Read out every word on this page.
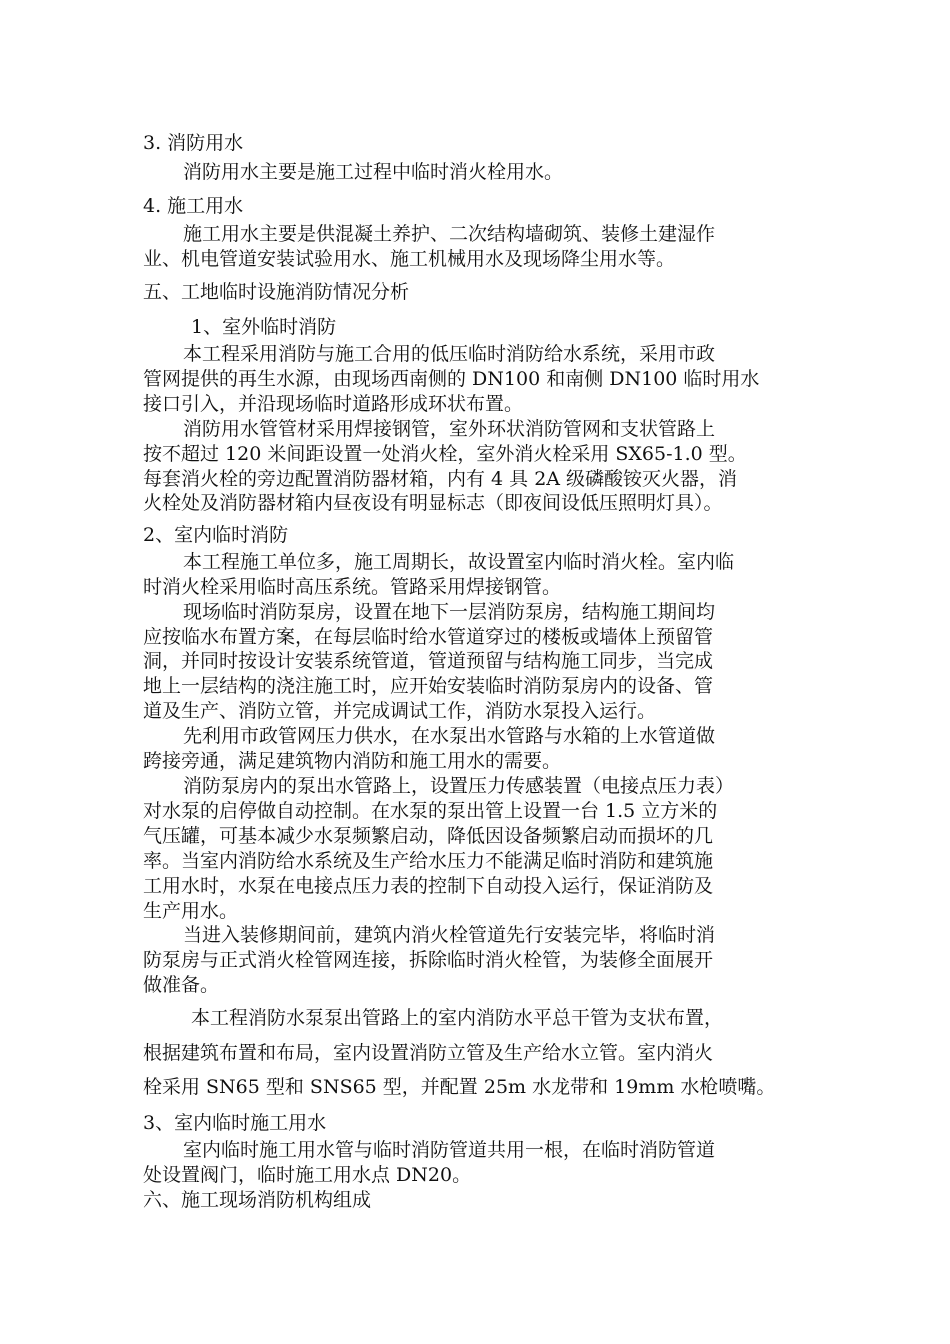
3. 消防用水
消防用水主要是施工过程中临时消火栓用水。
4. 施工用水
施工用水主要是供混凝土养护、二次结构墙砌筑、装修土建湿作
业、机电管道安装试验用水、施工机械用水及现场降尘用水等。
五、工地临时设施消防情况分析
1、室外临时消防
本工程采用消防与施工合用的低压临时消防给水系统，采用市政
管网提供的再生水源，由现场西南侧的 DN100 和南侧 DN100 临时用水
接口引入，并沿现场临时道路形成环状布置。
消防用水管管材采用焊接钢管，室外环状消防管网和支状管路上
按不超过 120 米间距设置一处消火栓，室外消火栓采用 SX65-1.0 型。
每套消火栓的旁边配置消防器材箱，内有 4 具 2A 级磷酸铵灭火器，消
火栓处及消防器材箱内昼夜设有明显标志（即夜间设低压照明灯具）。
2、室内临时消防
本工程施工单位多，施工周期长，故设置室内临时消火栓。室内临
时消火栓采用临时高压系统。管路采用焊接钢管。
现场临时消防泵房，设置在地下一层消防泵房，结构施工期间均
应按临水布置方案，在每层临时给水管道穿过的楼板或墙体上预留管
洞，并同时按设计安装系统管道，管道预留与结构施工同步，当完成
地上一层结构的浇注施工时，应开始安装临时消防泵房内的设备、管
道及生产、消防立管，并完成调试工作，消防水泵投入运行。
先利用市政管网压力供水，在水泵出水管路与水箱的上水管道做
跨接旁通，满足建筑物内消防和施工用水的需要。
消防泵房内的泵出水管路上，设置压力传感装置（电接点压力表）
对水泵的启停做自动控制。在水泵的泵出管上设置一台 1.5 立方米的
气压罐，可基本减少水泵频繁启动，降低因设备频繁启动而损坏的几
率。当室内消防给水系统及生产给水压力不能满足临时消防和建筑施
工用水时，水泵在电接点压力表的控制下自动投入运行，保证消防及
生产用水。
当进入装修期间前，建筑内消火栓管道先行安装完毕，将临时消
防泵房与正式消火栓管网连接，拆除临时消火栓管，为装修全面展开
做准备。
本工程消防水泵泵出管路上的室内消防水平总干管为支状布置，
根据建筑布置和布局，室内设置消防立管及生产给水立管。室内消火
栓采用 SN65 型和 SNS65 型，并配置 25m 水龙带和 19mm 水枪喷嘴。
3、室内临时施工用水
室内临时施工用水管与临时消防管道共用一根，在临时消防管道
处设置阀门，临时施工用水点 DN20。
六、施工现场消防机构组成
